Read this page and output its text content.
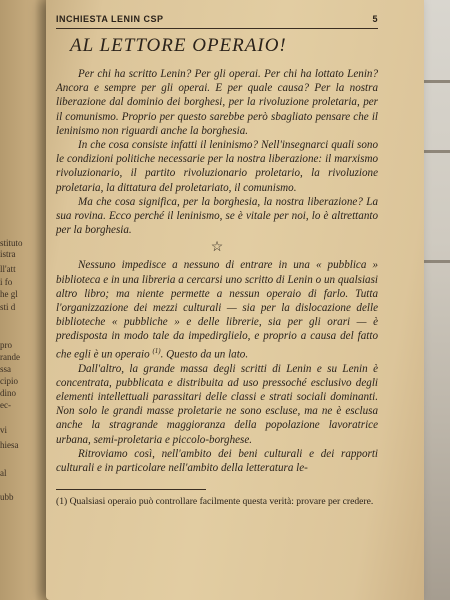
stituto
istra
ll'att
i fo
he gl
sti d
pro
rande
ssa
cipio
dino
ec-
vi
hiesa
al
ubb
INCHIESTA LENIN CSP	5
AL LETTORE OPERAIO!

Per chi ha scritto Lenin? Per gli operai. Per chi ha lottato Lenin? Ancora e sempre per gli operai. E per quale causa? Per la nostra liberazione dal dominio dei borghesi, per la rivoluzione proletaria, per il comunismo. Proprio per questo sarebbe però sbagliato pensare che il leninismo non riguardi anche la borghesia.

In che cosa consiste infatti il leninismo? Nell'insegnarci quali sono le condizioni politiche necessarie per la nostra liberazione: il marxismo rivoluzionario, il partito rivoluzionario proletario, la rivoluzione proletaria, la dittatura del proletariato, il comunismo.

Ma che cosa significa, per la borghesia, la nostra liberazione? La sua rovina. Ecco perché il leninismo, se è vitale per noi, lo è altrettanto per la borghesia.

☆

Nessuno impedisce a nessuno di entrare in una « pubblica » biblioteca e in una libreria a cercarsi uno scritto di Lenin o un qualsiasi altro libro; ma niente permette a nessun operaio di farlo. Tutta l'organizzazione dei mezzi culturali — sia per la dislocazione delle biblioteche « pubbliche » e delle librerie, sia per gli orari — è predisposta in modo tale da impedirglielo, e proprio a causa del fatto che egli è un operaio $^{(1)}$. Questo da un lato.

Dall'altro, la grande massa degli scritti di Lenin e su Lenin è concentrata, pubblicata e distribuita ad uso pressoché esclusivo degli elementi intellettuali parassitari delle classi e strati sociali dominanti. Non solo le grandi masse proletarie ne sono escluse, ma ne è esclusa anche la stragrande maggioranza della popolazione lavoratrice urbana, semi-proletaria e piccolo-borghese.

Ritroviamo così, nell'ambito dei beni culturali e dei rapporti culturali e in particolare nell'ambito della letteratura le-

(1) Qualsiasi operaio può controllare facilmente questa verità: provare per credere.
